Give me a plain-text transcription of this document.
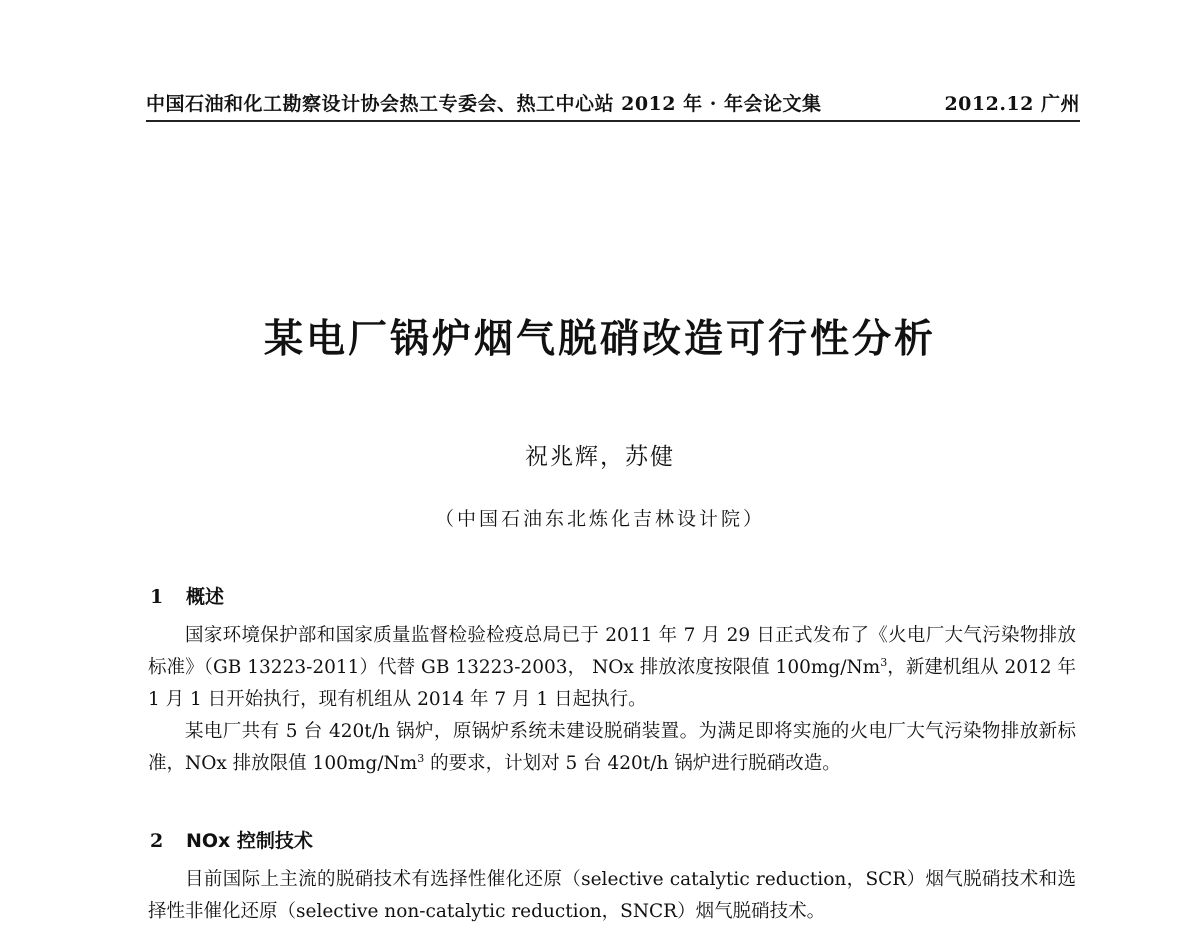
中国石油和化工勘察设计协会热工专委会、热工中心站 2012 年 · 年会论文集	2012.12 广州
某电厂锅炉烟气脱硝改造可行性分析
祝兆辉，苏健
（中国石油东北炼化吉林设计院）
1 概述

国家环境保护部和国家质量监督检验检疫总局已于 2011 年 7 月 29 日正式发布了《火电厂大气污染物排放标准》（GB 13223-2011）代替 GB 13223-2003， NOx 排放浓度按限值 100mg/Nm$^3$，新建机组从 2012 年 1 月 1 日开始执行，现有机组从 2014 年 7 月 1 日起执行。

某电厂共有 5 台 420t/h 锅炉，原锅炉系统未建设脱硝装置。为满足即将实施的火电厂大气污染物排放新标准，NOx 排放限值 100mg/Nm$^3$ 的要求，计划对 5 台 420t/h 锅炉进行脱硝改造。

2 NOx 控制技术

目前国际上主流的脱硝技术有选择性催化还原（selective catalytic reduction，SCR）烟气脱硝技术和选择性非催化还原（selective non-catalytic reduction，SNCR）烟气脱硝技术。
